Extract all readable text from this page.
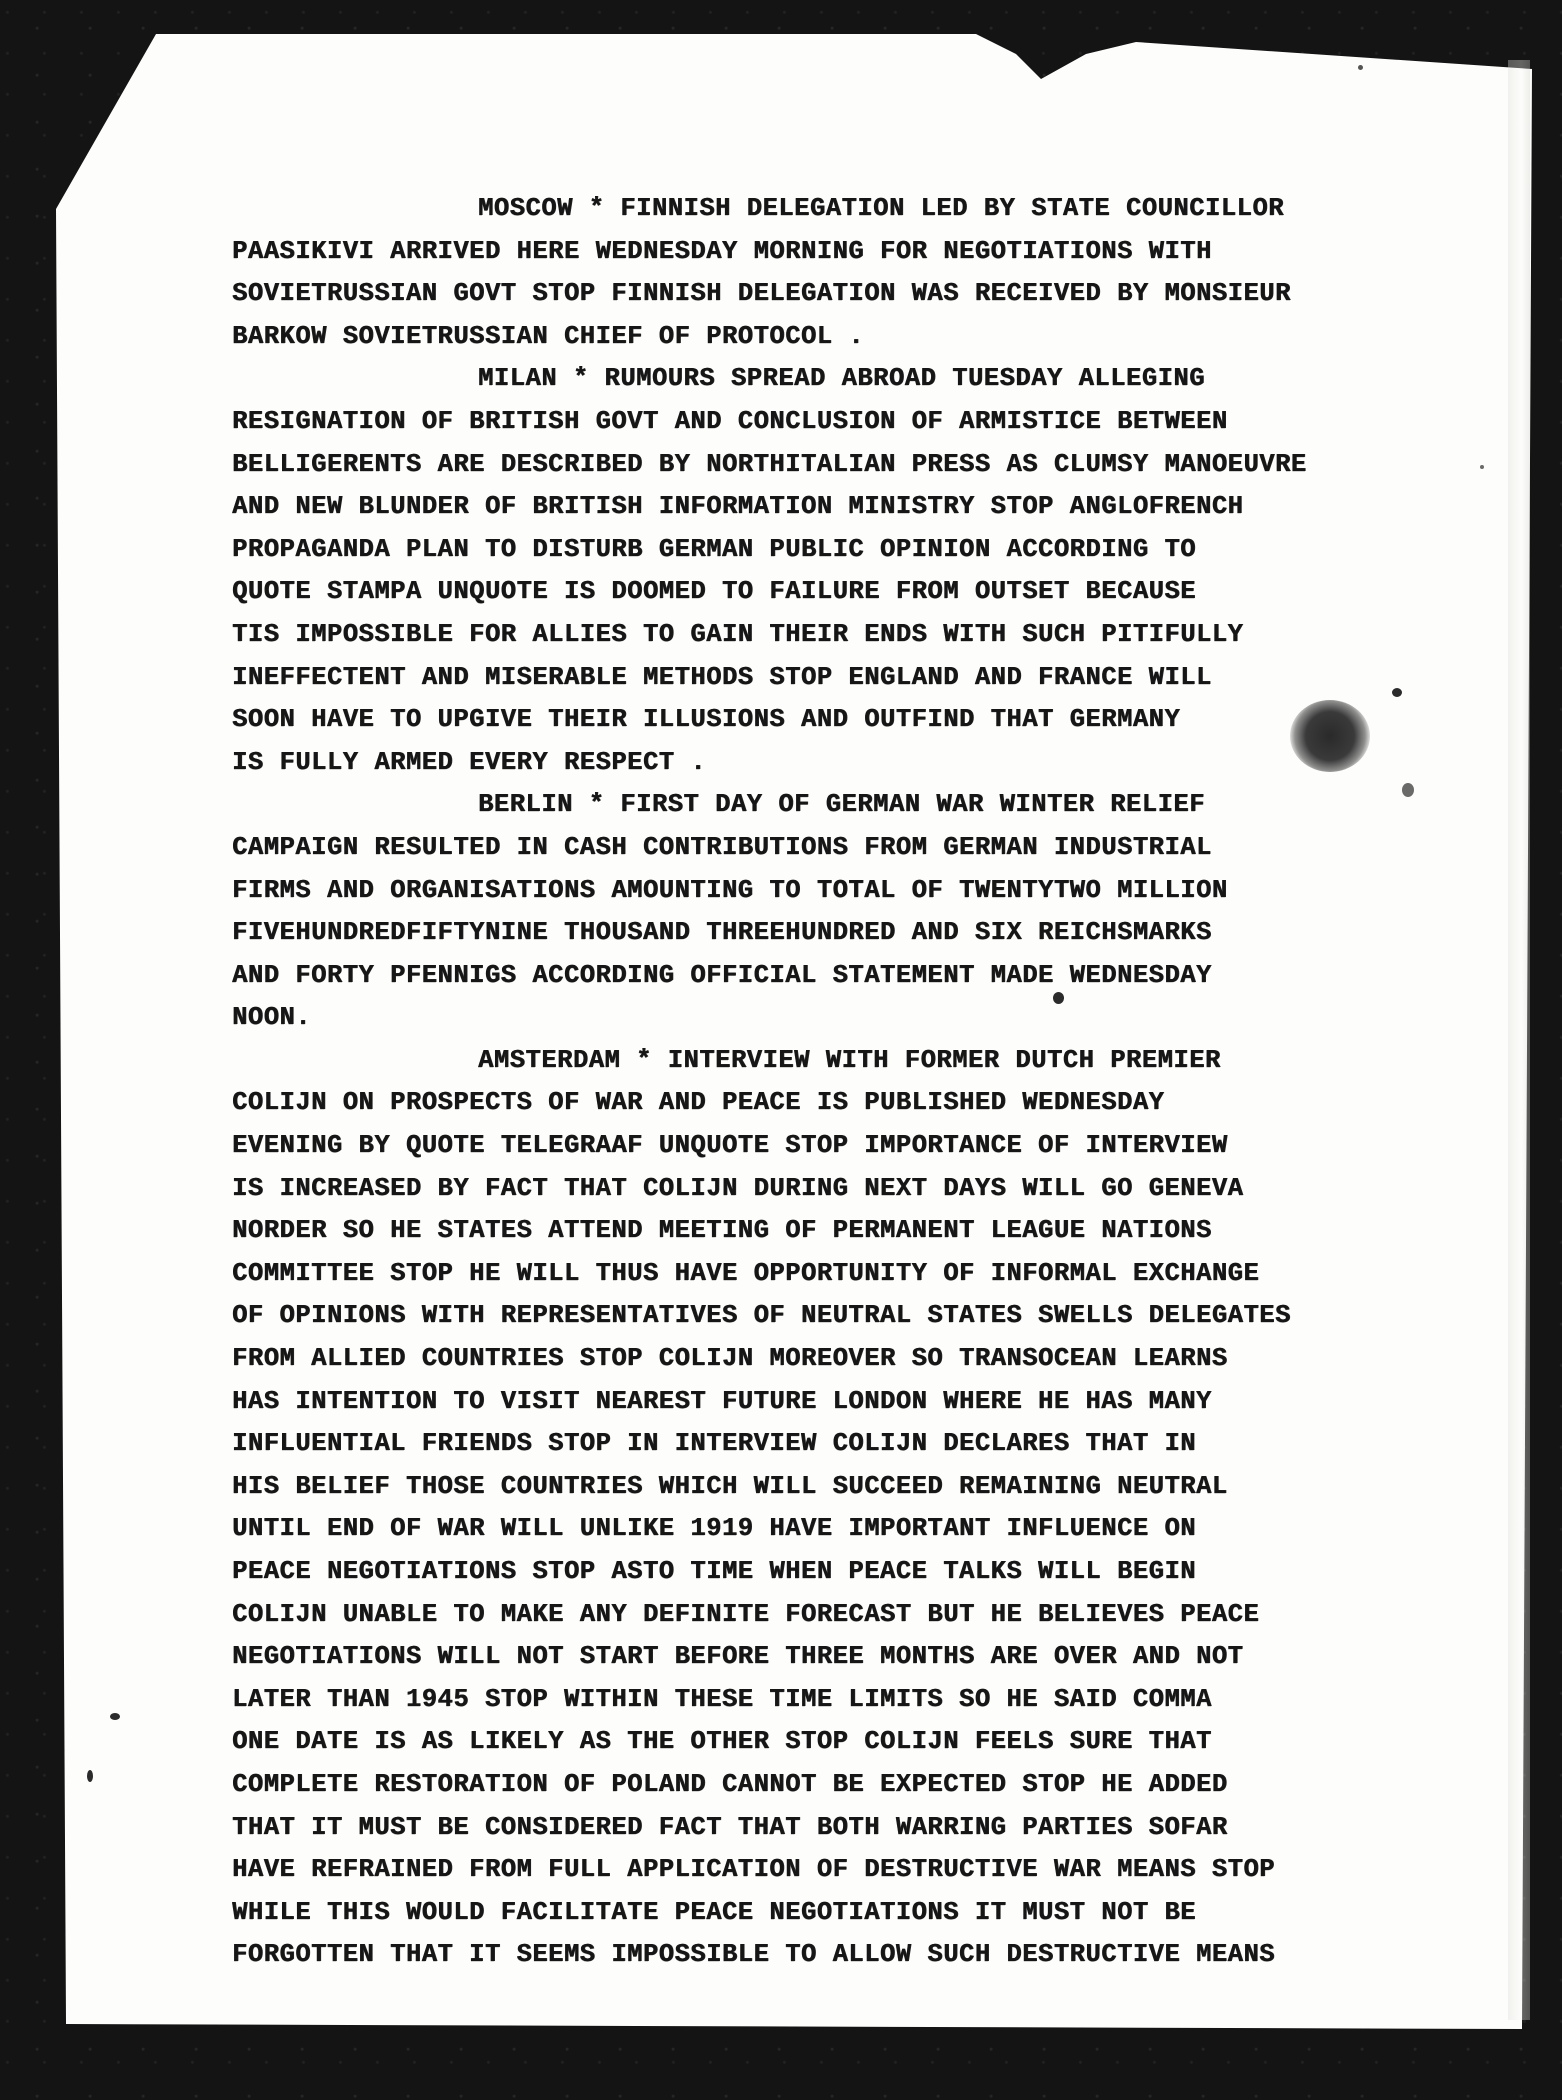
MOSCOW * FINNISH DELEGATION LED BY STATE COUNCILLOR
PAASIKIVI ARRIVED HERE WEDNESDAY MORNING FOR NEGOTIATIONS WITH
SOVIETRUSSIAN GOVT STOP FINNISH DELEGATION WAS RECEIVED BY MONSIEUR
BARKOW SOVIETRUSSIAN CHIEF OF PROTOCOL .
MILAN * RUMOURS SPREAD ABROAD TUESDAY ALLEGING
RESIGNATION OF BRITISH GOVT AND CONCLUSION OF ARMISTICE BETWEEN
BELLIGERENTS ARE DESCRIBED BY NORTHITALIAN PRESS AS CLUMSY MANOEUVRE
AND NEW BLUNDER OF BRITISH INFORMATION MINISTRY STOP ANGLOFRENCH
PROPAGANDA PLAN TO DISTURB GERMAN PUBLIC OPINION ACCORDING TO
QUOTE STAMPA UNQUOTE IS DOOMED TO FAILURE FROM OUTSET BECAUSE
TIS IMPOSSIBLE FOR ALLIES TO GAIN THEIR ENDS WITH SUCH PITIFULLY
INEFFECTENT AND MISERABLE METHODS STOP ENGLAND AND FRANCE WILL
SOON HAVE TO UPGIVE THEIR ILLUSIONS AND OUTFIND THAT GERMANY
IS FULLY ARMED EVERY RESPECT .
BERLIN * FIRST DAY OF GERMAN WAR WINTER RELIEF
CAMPAIGN RESULTED IN CASH CONTRIBUTIONS FROM GERMAN INDUSTRIAL
FIRMS AND ORGANISATIONS AMOUNTING TO TOTAL OF TWENTYTWO MILLION
FIVEHUNDREDFIFTYNINE THOUSAND THREEHUNDRED AND SIX REICHSMARKS
AND FORTY PFENNIGS ACCORDING OFFICIAL STATEMENT MADE WEDNESDAY
NOON.
AMSTERDAM * INTERVIEW WITH FORMER DUTCH PREMIER
COLIJN ON PROSPECTS OF WAR AND PEACE IS PUBLISHED WEDNESDAY
EVENING BY QUOTE TELEGRAAF UNQUOTE STOP IMPORTANCE OF INTERVIEW
IS INCREASED BY FACT THAT COLIJN DURING NEXT DAYS WILL GO GENEVA
NORDER SO HE STATES ATTEND MEETING OF PERMANENT LEAGUE NATIONS
COMMITTEE STOP HE WILL THUS HAVE OPPORTUNITY OF INFORMAL EXCHANGE
OF OPINIONS WITH REPRESENTATIVES OF NEUTRAL STATES SWELLS DELEGATES
FROM ALLIED COUNTRIES STOP COLIJN MOREOVER SO TRANSOCEAN LEARNS
HAS INTENTION TO VISIT NEAREST FUTURE LONDON WHERE HE HAS MANY
INFLUENTIAL FRIENDS STOP IN INTERVIEW COLIJN DECLARES THAT IN
HIS BELIEF THOSE COUNTRIES WHICH WILL SUCCEED REMAINING NEUTRAL
UNTIL END OF WAR WILL UNLIKE 1919 HAVE IMPORTANT INFLUENCE ON
PEACE NEGOTIATIONS STOP ASTO TIME WHEN PEACE TALKS WILL BEGIN
COLIJN UNABLE TO MAKE ANY DEFINITE FORECAST BUT HE BELIEVES PEACE
NEGOTIATIONS WILL NOT START BEFORE THREE MONTHS ARE OVER AND NOT
LATER THAN 1945 STOP WITHIN THESE TIME LIMITS SO HE SAID COMMA
ONE DATE IS AS LIKELY AS THE OTHER STOP COLIJN FEELS SURE THAT
COMPLETE RESTORATION OF POLAND CANNOT BE EXPECTED STOP HE ADDED
THAT IT MUST BE CONSIDERED FACT THAT BOTH WARRING PARTIES SOFAR
HAVE REFRAINED FROM FULL APPLICATION OF DESTRUCTIVE WAR MEANS STOP
WHILE THIS WOULD FACILITATE PEACE NEGOTIATIONS IT MUST NOT BE
FORGOTTEN THAT IT SEEMS IMPOSSIBLE TO ALLOW SUCH DESTRUCTIVE MEANS
